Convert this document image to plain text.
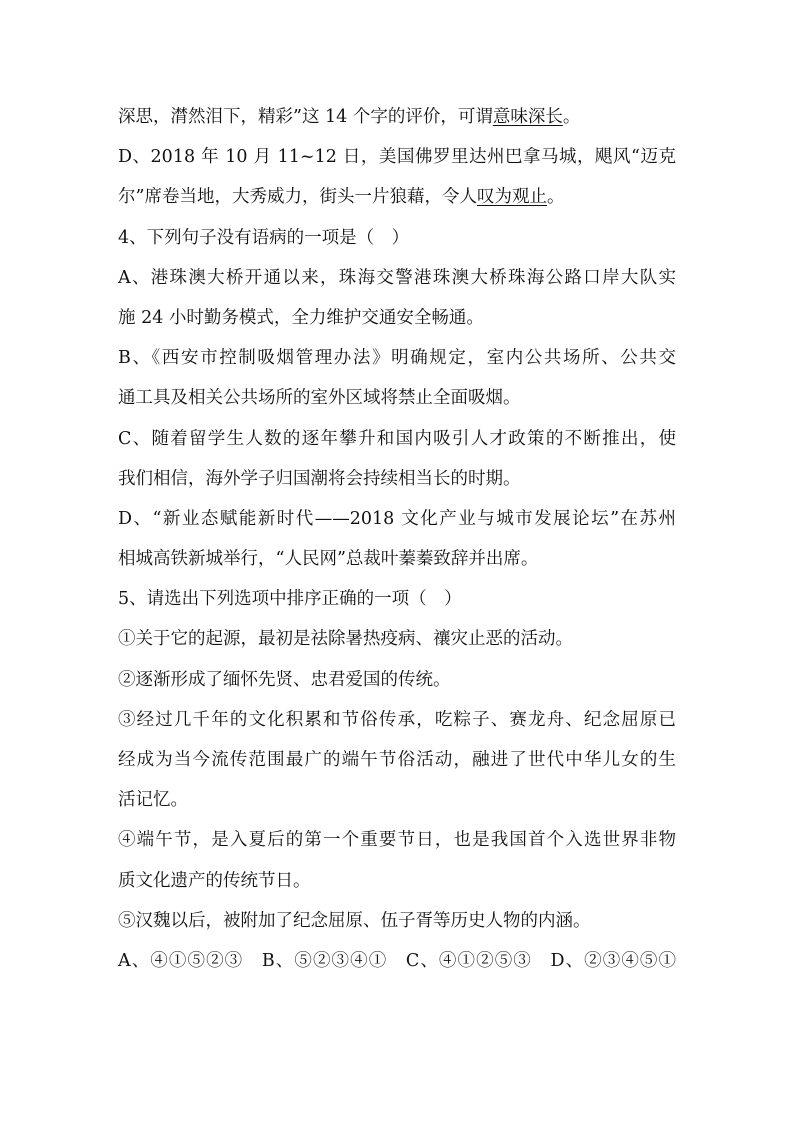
深思，潸然泪下，精彩”这 14 个字的评价，可谓意味深长。
D、2018 年 10 月 11~12 日，美国佛罗里达州巴拿马城，飓风“迈克
尔”席卷当地，大秀威力，街头一片狼藉，令人叹为观止。
4、下列句子没有语病的一项是（　）
A、港珠澳大桥开通以来，珠海交警港珠澳大桥珠海公路口岸大队实
施 24 小时勤务模式，全力维护交通安全畅通。
B、《西安市控制吸烟管理办法》明确规定，室内公共场所、公共交
通工具及相关公共场所的室外区域将禁止全面吸烟。
C、随着留学生人数的逐年攀升和国内吸引人才政策的不断推出，使
我们相信，海外学子归国潮将会持续相当长的时期。
D、“新业态赋能新时代——2018 文化产业与城市发展论坛”在苏州
相城高铁新城举行，“人民网”总裁叶蓁蓁致辞并出席。
5、请选出下列选项中排序正确的一项（　）
①关于它的起源，最初是祛除暑热疫病、禳灾止恶的活动。
②逐渐形成了缅怀先贤、忠君爱国的传统。
③经过几千年的文化积累和节俗传承，吃粽子、赛龙舟、纪念屈原已
经成为当今流传范围最广的端午节俗活动，融进了世代中华儿女的生
活记忆。
④端午节，是入夏后的第一个重要节日，也是我国首个入选世界非物
质文化遗产的传统节日。
⑤汉魏以后，被附加了纪念屈原、伍子胥等历史人物的内涵。
A、④①⑤②③　B、⑤②③④①　C、④①②⑤③　D、②③④⑤①
